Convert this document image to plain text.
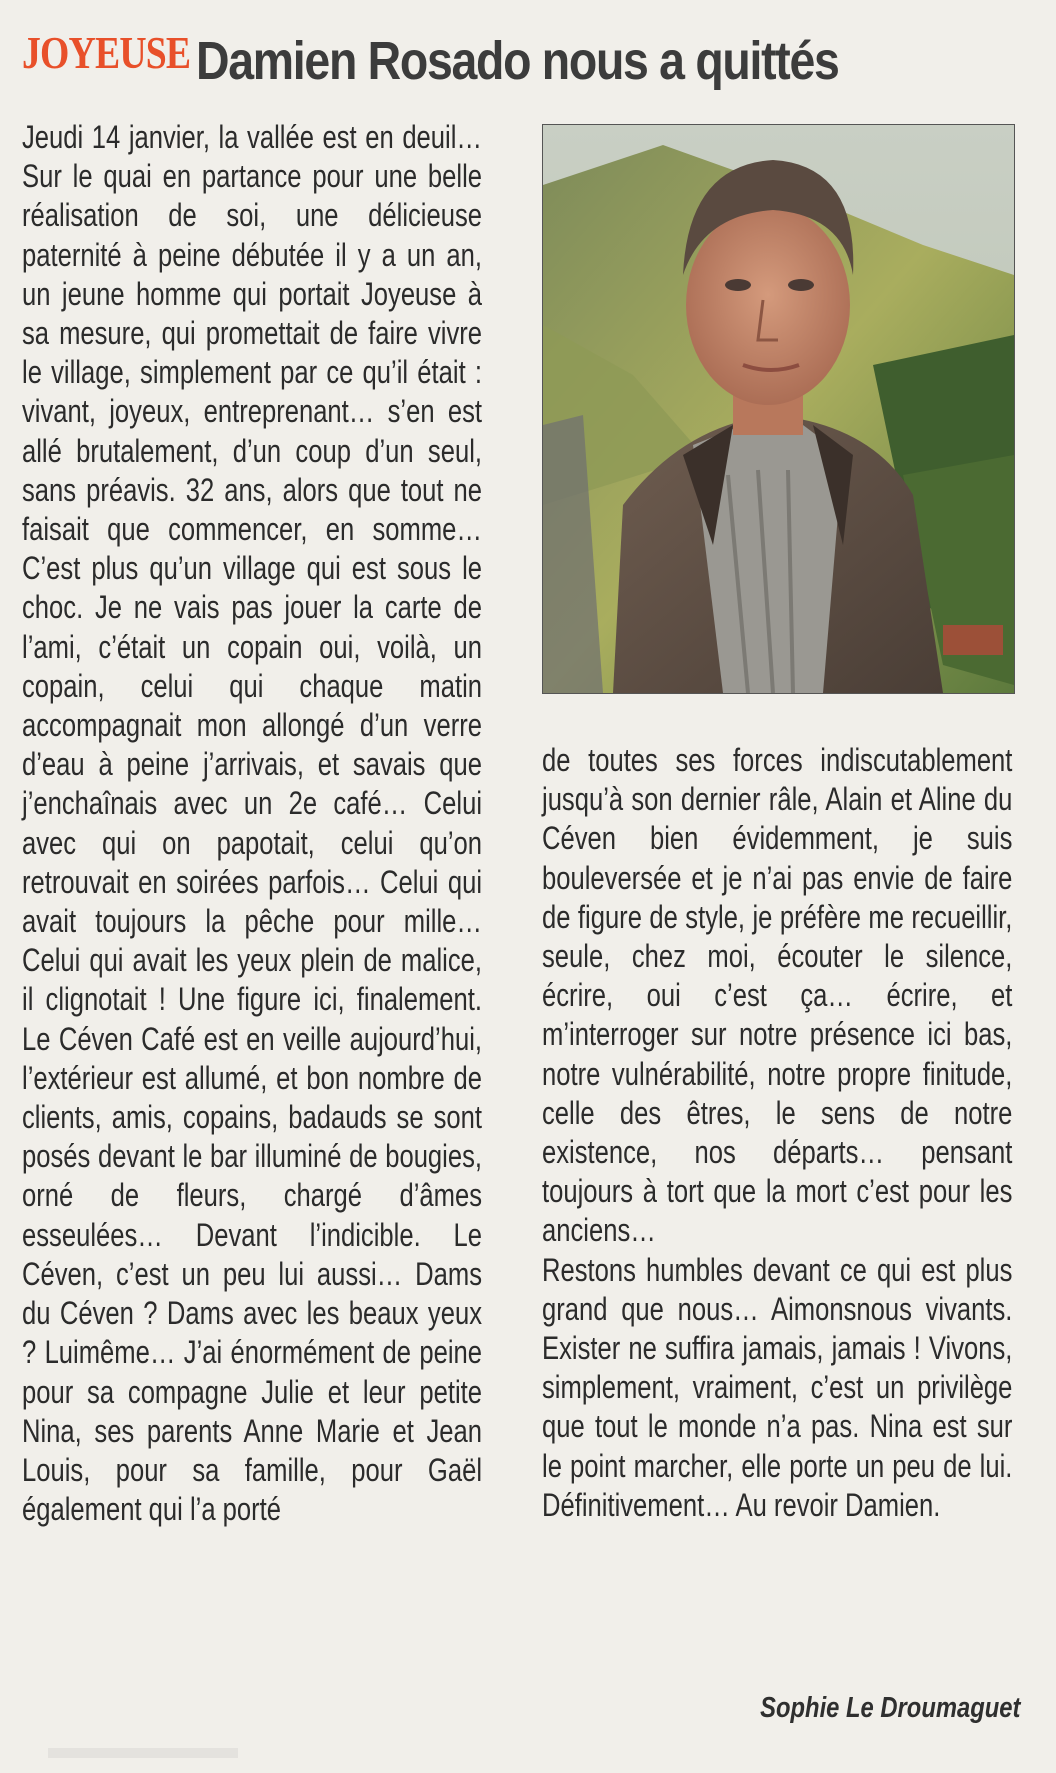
JOYEUSE Damien Rosado nous a quittés

Jeudi 14 janvier, la vallée est en deuil… Sur le quai en partance pour une belle réalisation de soi, une délicieuse paternité à peine débutée il y a un an, un jeune homme qui portait Joyeuse à sa mesure, qui promettait de faire vivre le village, simplement par ce qu’il était : vivant, joyeux, entreprenant… s’en est allé brutalement, d’un coup d’un seul, sans préavis. 32 ans, alors que tout ne faisait que commencer, en somme… C’est plus qu’un village qui est sous le choc. Je ne vais pas jouer la carte de l’ami, c’était un copain oui, voilà, un copain, celui qui chaque matin accompagnait mon allongé d’un verre d’eau à peine j’arrivais, et savais que j’enchaînais avec un 2e café… Celui avec qui on papotait, celui qu’on retrouvait en soirées parfois… Celui qui avait toujours la pêche pour mille… Celui qui avait les yeux plein de malice, il clignotait ! Une figure ici, finalement. Le Céven Café est en veille aujourd’hui, l’extérieur est allumé, et bon nombre de clients, amis, copains, badauds se sont posés devant le bar illuminé de bougies, orné de fleurs, chargé d’âmes esseulées… Devant l’indicible. Le Céven, c’est un peu lui aussi… Dams du Céven ? Dams avec les beaux yeux ? Luimême… J’ai énormément de peine pour sa compagne Julie et leur petite Nina, ses parents Anne Marie et Jean Louis, pour sa famille, pour Gaël également qui l’a porté

de toutes ses forces indiscutablement jusqu’à son dernier râle, Alain et Aline du Céven bien évidemment, je suis bouleversée et je n’ai pas envie de faire de figure de style, je préfère me recueillir, seule, chez moi, écouter le silence, écrire, oui c’est ça… écrire, et m’interroger sur notre présence ici bas, notre vulnérabilité, notre propre finitude, celle des êtres, le sens de notre existence, nos départs… pensant toujours à tort que la mort c’est pour les anciens…

Restons humbles devant ce qui est plus grand que nous… Aimonsnous vivants. Exister ne suffira jamais, jamais ! Vivons, simplement, vraiment, c’est un privilège que tout le monde n’a pas. Nina est sur le point marcher, elle porte un peu de lui. Définitivement… Au revoir Damien.

Sophie Le Droumaguet
